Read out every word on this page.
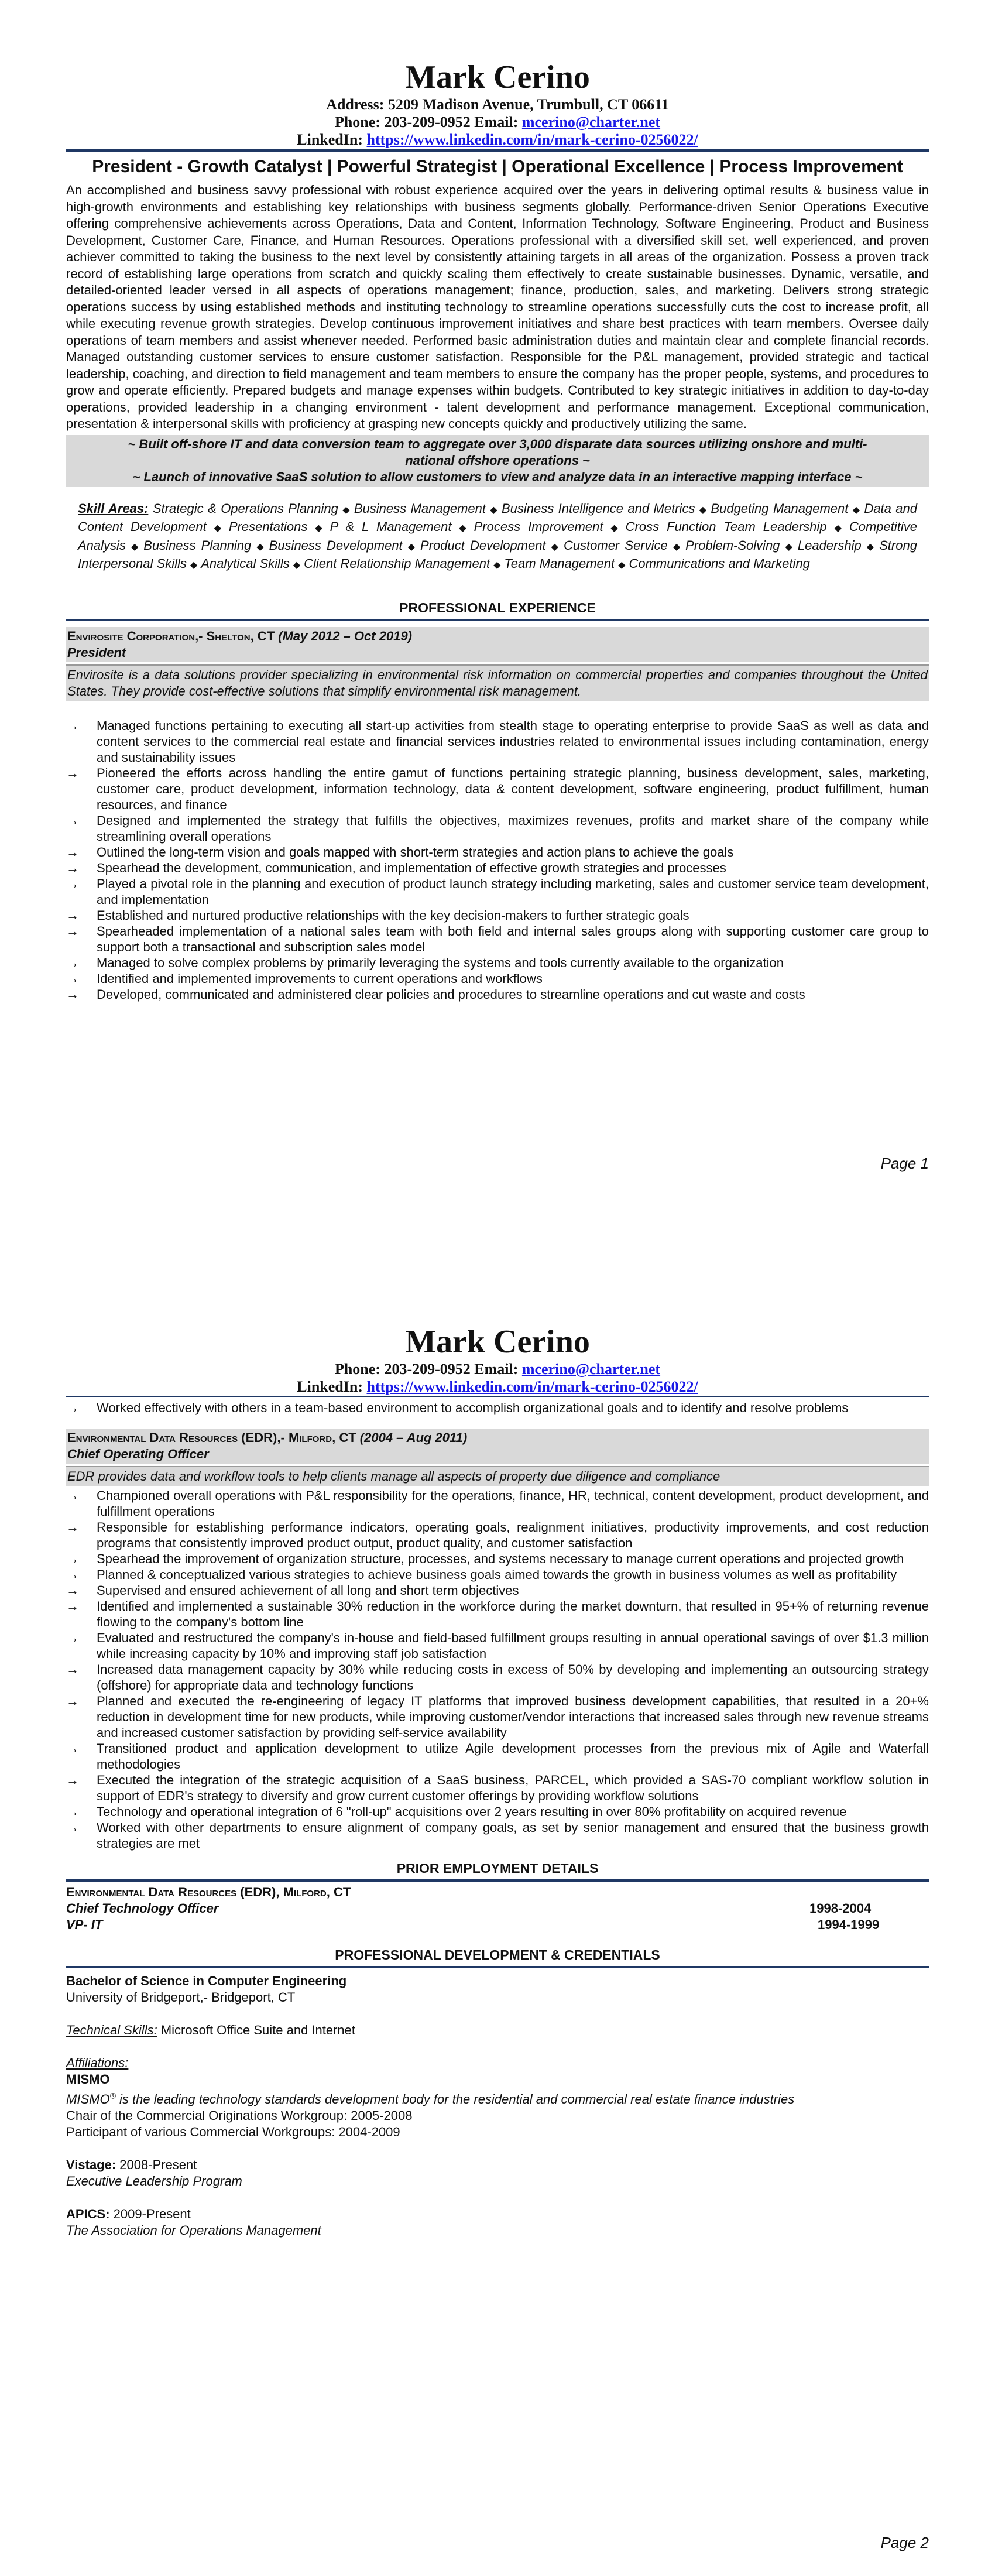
Mark Cerino
Address: 5209 Madison Avenue, Trumbull, CT 06611
Phone: 203-209-0952 Email: mcerino@charter.net
LinkedIn: https://www.linkedin.com/in/mark-cerino-0256022/
President - Growth Catalyst | Powerful Strategist | Operational Excellence | Process Improvement
An accomplished and business savvy professional with robust experience acquired over the years in delivering optimal results & business value in high-growth environments and establishing key relationships with business segments globally. Performance-driven Senior Operations Executive offering comprehensive achievements across Operations, Data and Content, Information Technology, Software Engineering, Product and Business Development, Customer Care, Finance, and Human Resources. Operations professional with a diversified skill set, well experienced, and proven achiever committed to taking the business to the next level by consistently attaining targets in all areas of the organization. Possess a proven track record of establishing large operations from scratch and quickly scaling them effectively to create sustainable businesses. Dynamic, versatile, and detailed-oriented leader versed in all aspects of operations management; finance, production, sales, and marketing. Delivers strong strategic operations success by using established methods and instituting technology to streamline operations successfully cuts the cost to increase profit, all while executing revenue growth strategies. Develop continuous improvement initiatives and share best practices with team members. Oversee daily operations of team members and assist whenever needed. Performed basic administration duties and maintain clear and complete financial records. Managed outstanding customer services to ensure customer satisfaction. Responsible for the P&L management, provided strategic and tactical leadership, coaching, and direction to field management and team members to ensure the company has the proper people, systems, and procedures to grow and operate efficiently. Prepared budgets and manage expenses within budgets. Contributed to key strategic initiatives in addition to day-to-day operations, provided leadership in a changing environment - talent development and performance management. Exceptional communication, presentation & interpersonal skills with proficiency at grasping new concepts quickly and productively utilizing the same.
~ Built off-shore IT and data conversion team to aggregate over 3,000 disparate data sources utilizing onshore and multi-national offshore operations ~
~ Launch of innovative SaaS solution to allow customers to view and analyze data in an interactive mapping interface ~
Skill Areas: Strategic & Operations Planning ◆ Business Management ◆ Business Intelligence and Metrics ◆ Budgeting Management ◆ Data and Content Development ◆ Presentations ◆ P & L Management ◆ Process Improvement ◆ Cross Function Team Leadership ◆ Competitive Analysis ◆ Business Planning ◆ Business Development ◆ Product Development ◆ Customer Service ◆ Problem-Solving ◆ Leadership ◆ Strong Interpersonal Skills ◆ Analytical Skills ◆ Client Relationship Management ◆ Team Management ◆ Communications and Marketing
PROFESSIONAL EXPERIENCE
Envirosite Corporation,- Shelton, CT (May 2012 – Oct 2019)
President
Envirosite is a data solutions provider specializing in environmental risk information on commercial properties and companies throughout the United States. They provide cost-effective solutions that simplify environmental risk management.
→ Managed functions pertaining to executing all start-up activities from stealth stage to operating enterprise to provide SaaS as well as data and content services to the commercial real estate and financial services industries related to environmental issues including contamination, energy and sustainability issues
→ Pioneered the efforts across handling the entire gamut of functions pertaining strategic planning, business development, sales, marketing, customer care, product development, information technology, data & content development, software engineering, product fulfillment, human resources, and finance
→ Designed and implemented the strategy that fulfills the objectives, maximizes revenues, profits and market share of the company while streamlining overall operations
→ Outlined the long-term vision and goals mapped with short-term strategies and action plans to achieve the goals
→ Spearhead the development, communication, and implementation of effective growth strategies and processes
→ Played a pivotal role in the planning and execution of product launch strategy including marketing, sales and customer service team development, and implementation
→ Established and nurtured productive relationships with the key decision-makers to further strategic goals
→ Spearheaded implementation of a national sales team with both field and internal sales groups along with supporting customer care group to support both a transactional and subscription sales model
→ Managed to solve complex problems by primarily leveraging the systems and tools currently available to the organization
→ Identified and implemented improvements to current operations and workflows
→ Developed, communicated and administered clear policies and procedures to streamline operations and cut waste and costs
Page 1
Mark Cerino
Phone: 203-209-0952 Email: mcerino@charter.net
LinkedIn: https://www.linkedin.com/in/mark-cerino-0256022/
→ Worked effectively with others in a team-based environment to accomplish organizational goals and to identify and resolve problems
Environmental Data Resources (EDR),- Milford, CT (2004 – Aug 2011)
Chief Operating Officer
EDR provides data and workflow tools to help clients manage all aspects of property due diligence and compliance
→ Championed overall operations with P&L responsibility for the operations, finance, HR, technical, content development, product development, and fulfillment operations
→ Responsible for establishing performance indicators, operating goals, realignment initiatives, productivity improvements, and cost reduction programs that consistently improved product output, product quality, and customer satisfaction
→ Spearhead the improvement of organization structure, processes, and systems necessary to manage current operations and projected growth
→ Planned & conceptualized various strategies to achieve business goals aimed towards the growth in business volumes as well as profitability
→ Supervised and ensured achievement of all long and short term objectives
→ Identified and implemented a sustainable 30% reduction in the workforce during the market downturn, that resulted in 95+% of returning revenue flowing to the company's bottom line
→ Evaluated and restructured the company's in-house and field-based fulfillment groups resulting in annual operational savings of over $1.3 million while increasing capacity by 10% and improving staff job satisfaction
→ Increased data management capacity by 30% while reducing costs in excess of 50% by developing and implementing an outsourcing strategy (offshore) for appropriate data and technology functions
→ Planned and executed the re-engineering of legacy IT platforms that improved business development capabilities, that resulted in a 20+% reduction in development time for new products, while improving customer/vendor interactions that increased sales through new revenue streams and increased customer satisfaction by providing self-service availability
→ Transitioned product and application development to utilize Agile development processes from the previous mix of Agile and Waterfall methodologies
→ Executed the integration of the strategic acquisition of a SaaS business, PARCEL, which provided a SAS-70 compliant workflow solution in support of EDR's strategy to diversify and grow current customer offerings by providing workflow solutions
→ Technology and operational integration of 6 "roll-up" acquisitions over 2 years resulting in over 80% profitability on acquired revenue
→ Worked with other departments to ensure alignment of company goals, as set by senior management and ensured that the business growth strategies are met
PRIOR EMPLOYMENT DETAILS
Environmental Data Resources (EDR), Milford, CT
Chief Technology Officer	1998-2004
VP- IT	1994-1999
PROFESSIONAL DEVELOPMENT & CREDENTIALS
Bachelor of Science in Computer Engineering
University of Bridgeport,- Bridgeport, CT
Technical Skills: Microsoft Office Suite and Internet
Affiliations:
MISMO
MISMO® is the leading technology standards development body for the residential and commercial real estate finance industries
Chair of the Commercial Originations Workgroup: 2005-2008
Participant of various Commercial Workgroups: 2004-2009
Vistage: 2008-Present
Executive Leadership Program
APICS: 2009-Present
The Association for Operations Management
Page 2
